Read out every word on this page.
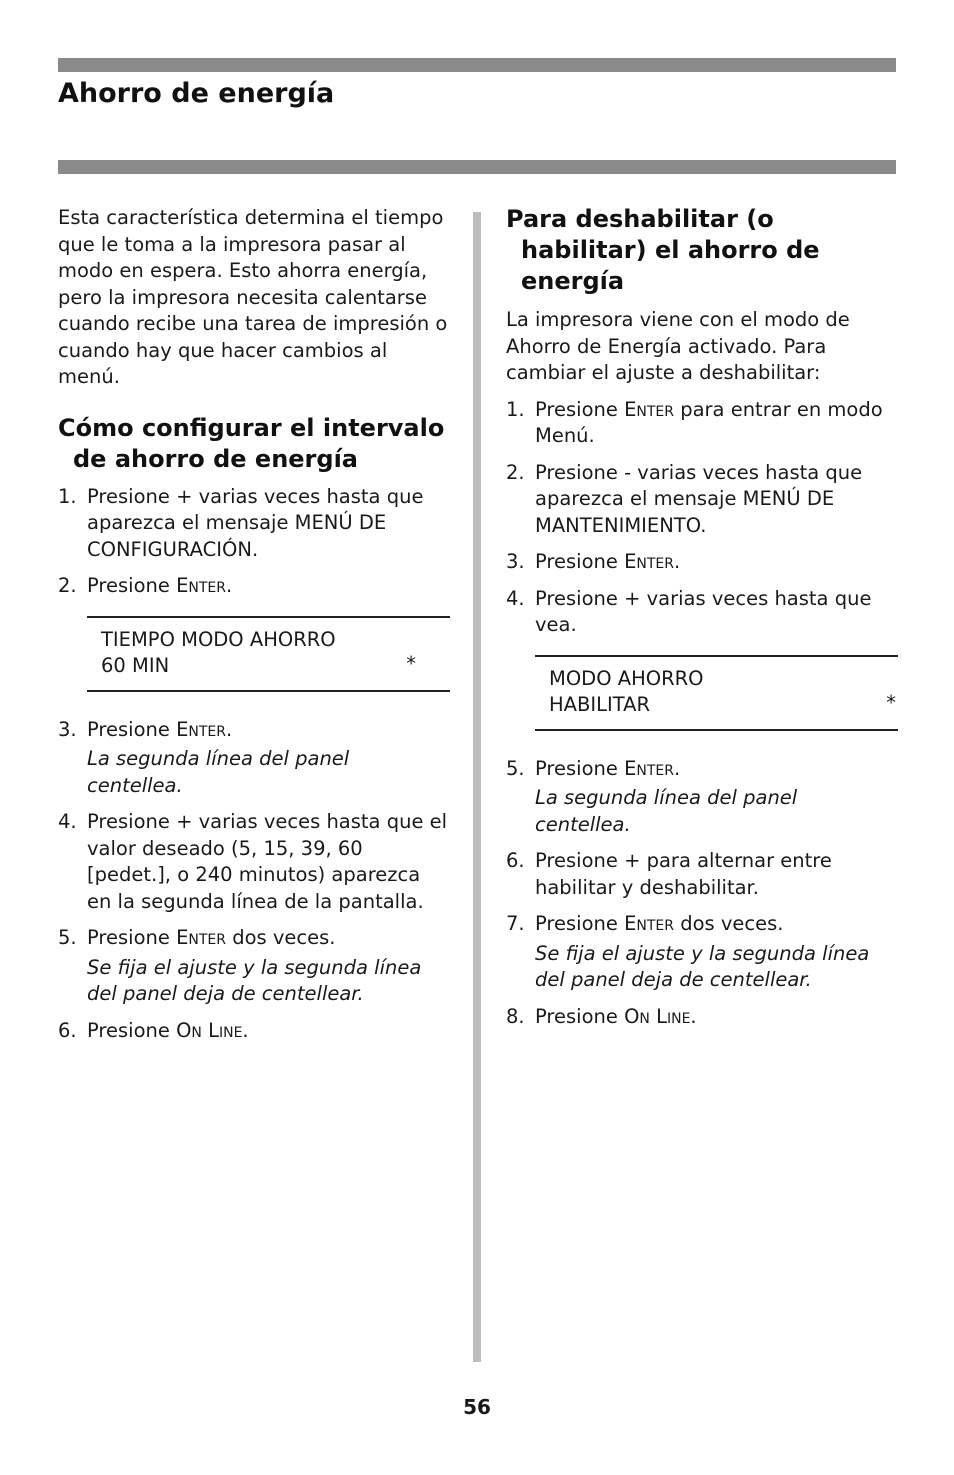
Ahorro de energía

Esta característica determina el tiempo que le toma a la impresora pasar al modo en espera. Esto ahorra energía, pero la impresora necesita calentarse cuando recibe una tarea de impresión o cuando hay que hacer cambios al menú.

Cómo configurar el intervalo de ahorro de energía
1. Presione + varias veces hasta que aparezca el mensaje MENÚ DE CONFIGURACIÓN.
2. Presione Enter.
TIEMPO MODO AHORRO
60 MIN	*
3. Presione Enter.
La segunda línea del panel centellea.
4. Presione + varias veces hasta que el valor deseado (5, 15, 39, 60 [pedet.], o 240 minutos) aparezca en la segunda línea de la pantalla.
5. Presione Enter dos veces.
Se fija el ajuste y la segunda línea del panel deja de centellear.
6. Presione On Line.
Para deshabilitar (o habilitar) el ahorro de energía

La impresora viene con el modo de Ahorro de Energía activado. Para cambiar el ajuste a deshabilitar:

1. Presione Enter para entrar en modo Menú.
2. Presione - varias veces hasta que aparezca el mensaje MENÚ DE MANTENIMIENTO.
3. Presione Enter.
4. Presione + varias veces hasta que vea.
MODO AHORRO
HABILITAR	*
5. Presione Enter.
La segunda línea del panel centellea.
6. Presione + para alternar entre habilitar y deshabilitar.
7. Presione Enter dos veces.
Se fija el ajuste y la segunda línea del panel deja de centellear.
8. Presione On Line.
56
